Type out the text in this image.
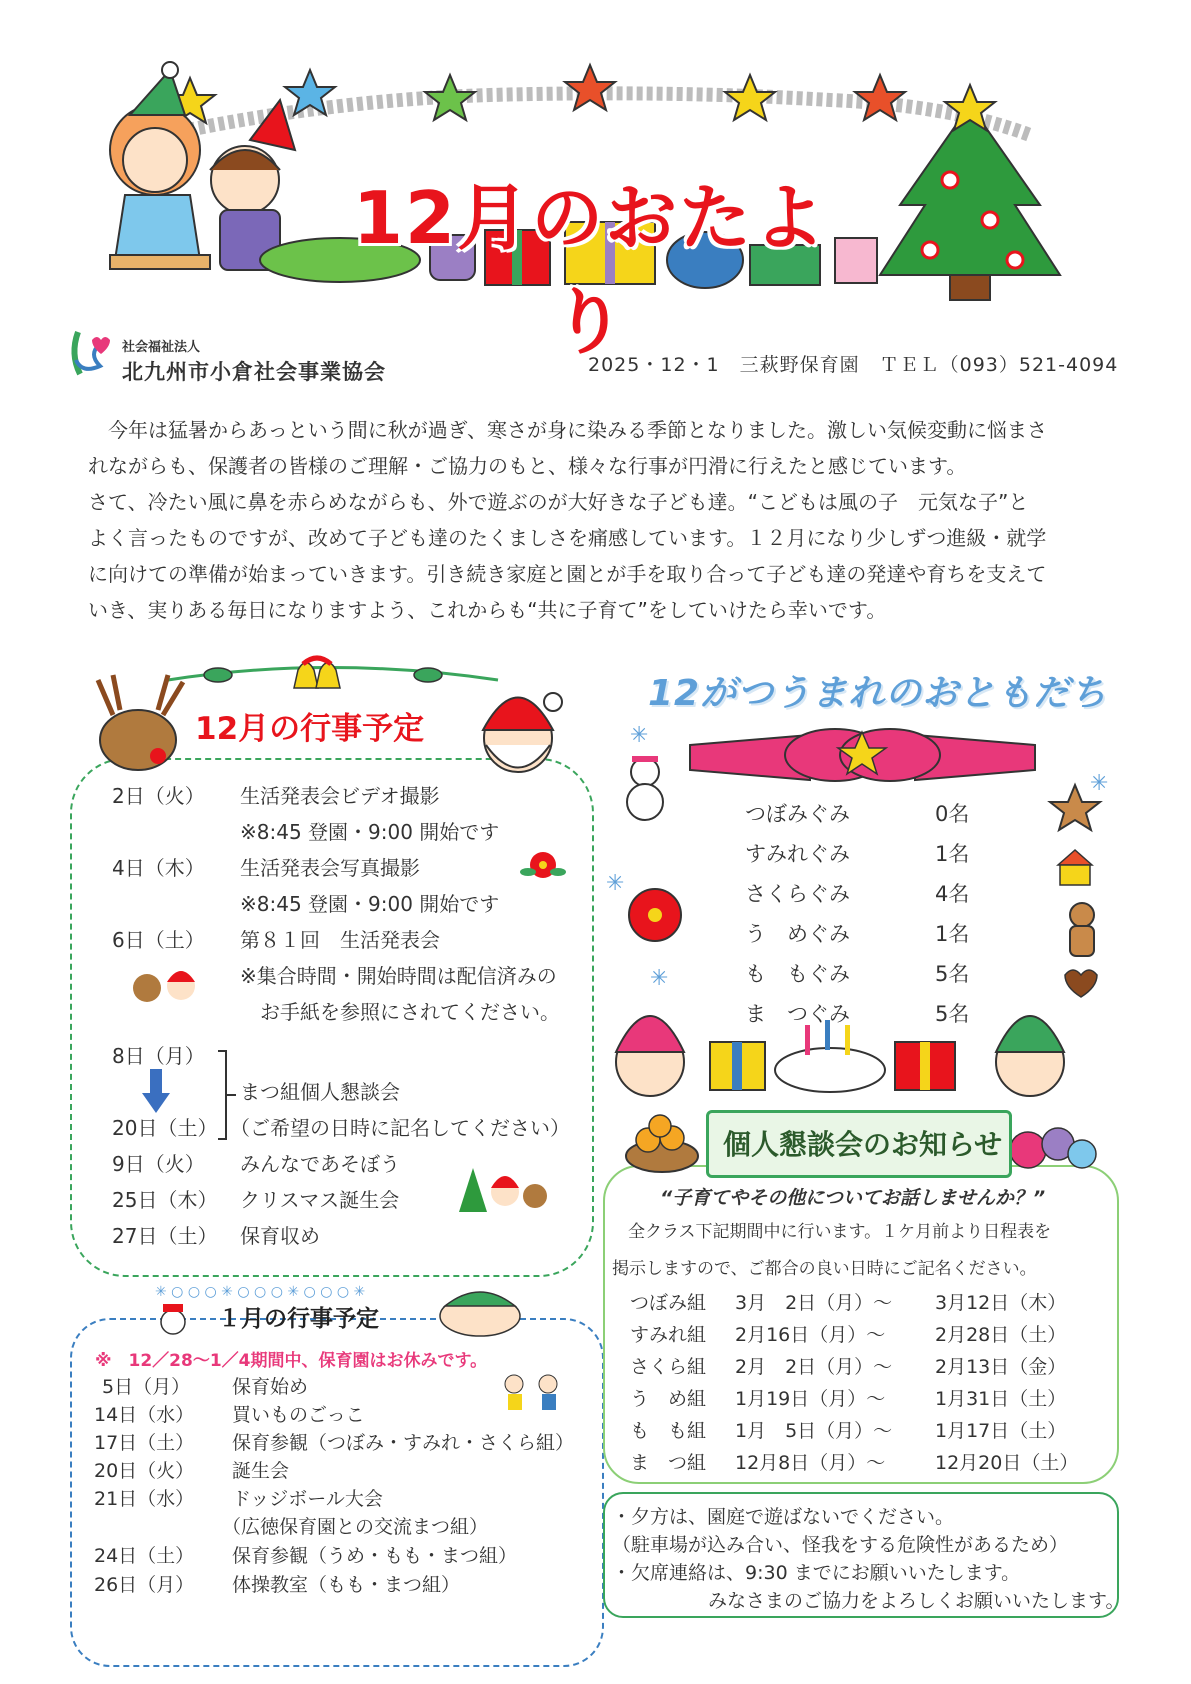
12月のおたより
社会福祉法人
北九州市小倉社会事業協会	2025・12・1　三萩野保育園　ＴＥＬ（093）521-4094

　今年は猛暑からあっという間に秋が過ぎ、寒さが身に染みる季節となりました。激しい気候変動に悩まさ

れながらも、保護者の皆様のご理解・ご協力のもと、様々な行事が円滑に行えたと感じています。

さて、冷たい風に鼻を赤らめながらも、外で遊ぶのが大好きな子ども達。“こどもは風の子　元気な子”と

よく言ったものですが、改めて子ども達のたくましさを痛感しています。１２月になり少しずつ進級・就学

に向けての準備が始まっていきます。引き続き家庭と園とが手を取り合って子ども達の発達や育ちを支えて

いき、実りある毎日になりますよう、これからも“共に子育て”をしていけたら幸いです。

12月の行事予定
2日（火） 生活発表会ビデオ撮影
※8:45 登園・9:00 開始です
4日（木） 生活発表会写真撮影
※8:45 登園・9:00 開始です
6日（土） 第８１回　生活発表会
※集合時間・開始時間は配信済みの
　お手紙を参照にされてください。
8日（月）
まつ組個人懇談会
20日（土） （ご希望の日時に記名してください）
9日（火） みんなであそぼう
25日（木） クリスマス誕生会
27日（土） 保育収め
✳ ○ ○ ○ ✳ ○ ○ ○ ✳ ○ ○ ○ ✳
１月の行事予定
※　12／28～1／4期間中、保育園はお休みです。
5日（月） 保育始め
14日（水） 買いものごっこ
17日（土） 保育参観（つぼみ・すみれ・さくら組）
20日（火） 誕生会
21日（水） ドッジボール大会
（広徳保育園との交流まつ組）
24日（土） 保育参観（うめ・もも・まつ組）
26日（月） 体操教室（もも・まつ組）
12がつうまれのおともだち
✳
✳
✳
✳
つぼみぐみ	0名
すみれぐみ	1名
さくらぐみ	4名
う　めぐみ	1名
も　もぐみ	5名
ま　つぐみ	5名
個人懇談会のお知らせ
“子育てやその他についてお話しませんか？”
全クラス下記期間中に行います。１ケ月前より日程表を
掲示しますので、ご都合の良い日時にご記名ください。
つぼみ組 3月　2日（月）～ 3月12日（木）
すみれ組 2月16日（月）～	2月28日（土）
さくら組 2月　2日（月）～ 2月13日（金）
う　め組 1月19日（月）～	1月31日（土）
も　も組 1月　5日（月）～ 1月17日（土）
ま　つ組 12月8日（月）～	12月20日（土）
・夕方は、園庭で遊ばないでください。
（駐車場が込み合い、怪我をする危険性があるため）
・欠席連絡は、9:30 までにお願いいたします。
みなさまのご協力をよろしくお願いいたします。
